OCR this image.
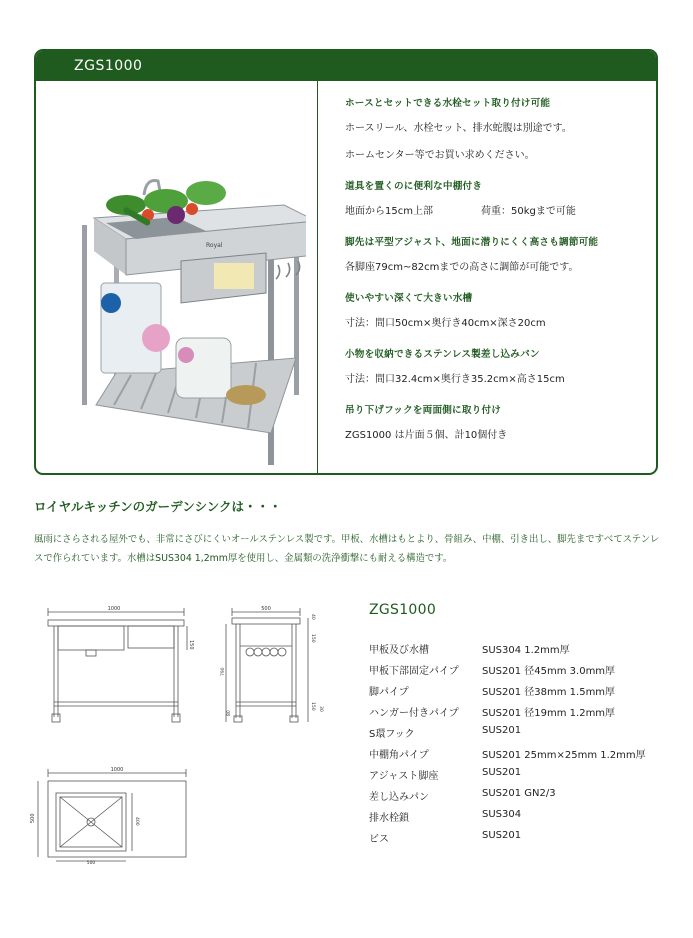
ZGS1000
Royal

ホースとセットできる水栓セット取り付け可能

ホースリール、水栓セット、排水蛇腹は別途です。

ホームセンター等でお買い求めください。

道具を置くのに便利な中棚付き

地面から15cm上部	荷重：50kgまで可能

脚先は平型アジャスト、地面に潜りにくく高さも調節可能

各脚座79cm~82cmまでの高さに調節が可能です。

使いやすい深くて大きい水槽

寸法：間口50cm×奥行き40cm×深さ20cm

小物を収納できるステンレス製差し込みパン

寸法：間口32.4cm×奥行き35.2cm×高さ15cm

吊り下げフックを両面側に取り付け

ZGS1000 は片面５個、計10個付き

ロイヤルキッチンのガーデンシンクは・・・
風雨にさらされる屋外でも、非常にさびにくいオールステンレス製です。甲板、水槽はもとより、骨組み、中棚、引き出し、脚先まですべてステンレスで作られています。水槽はSUS304 1,2mm厚を使用し、金属類の洗浄衝撃にも耐える構造です。
1000
150
500
40
150
790
150 30
80
1000
500	400
500
ZGS1000
甲板及び水槽	SUS304 1.2mm厚
甲板下部固定パイプ	SUS201 径45mm 3.0mm厚
脚パイプ	SUS201 径38mm 1.5mm厚
ハンガー付きパイプ	SUS201 径19mm 1.2mm厚
S環フック	SUS201
中棚角パイプ	SUS201 25mm×25mm 1.2mm厚
アジャスト脚座	SUS201
差し込みパン	SUS201 GN2/3
排水栓鎖	SUS304
ビス	SUS201
